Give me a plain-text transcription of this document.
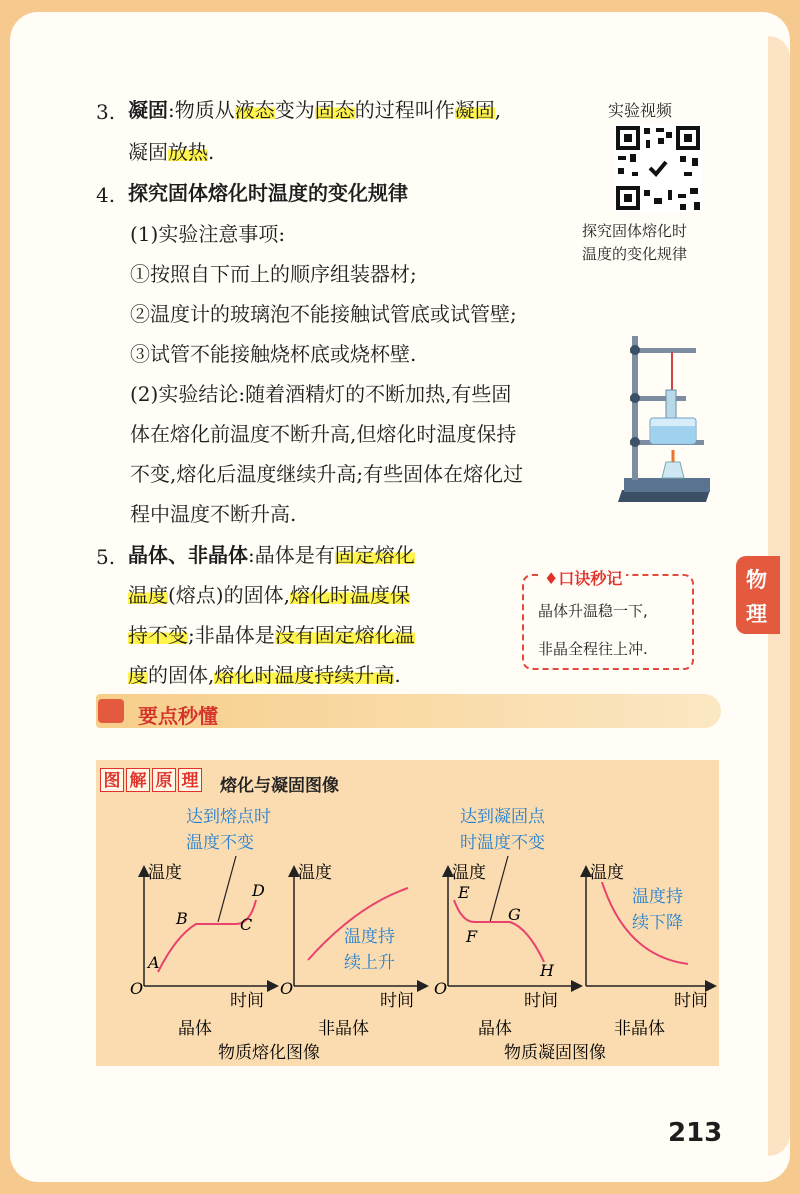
3. 凝固:物质从液态变为固态的过程叫作凝固,
凝固放热.
4. 探究固体熔化时温度的变化规律
(1)实验注意事项:
①按照自下而上的顺序组装器材;
②温度计的玻璃泡不能接触试管底或试管壁;
③试管不能接触烧杯底或烧杯壁.
(2)实验结论:随着酒精灯的不断加热,有些固
体在熔化前温度不断升高,但熔化时温度保持
不变,熔化后温度继续升高;有些固体在熔化过
程中温度不断升高.
5. 晶体、非晶体:晶体是有固定熔化
温度(熔点)的固体,熔化时温度保
持不变;非晶体是没有固定熔化温
度的固体,熔化时温度持续升高.
实验视频
探究固体熔化时
温度的变化规律
♦口诀秒记
晶体升温稳一下,
非晶全程往上冲.
物
理
要点秒懂
图 解 原 理 熔化与凝固图像
达到熔点时
温度不变
达到凝固点
时温度不变
温度
时间
O
A
B	C
D
晶体
温度
时间
O
温度持
续上升
非晶体
温度
时间
O
E
F
G
H
晶体
温度
时间
温度持
续下降
非晶体
物质熔化图像	物质凝固图像
213
